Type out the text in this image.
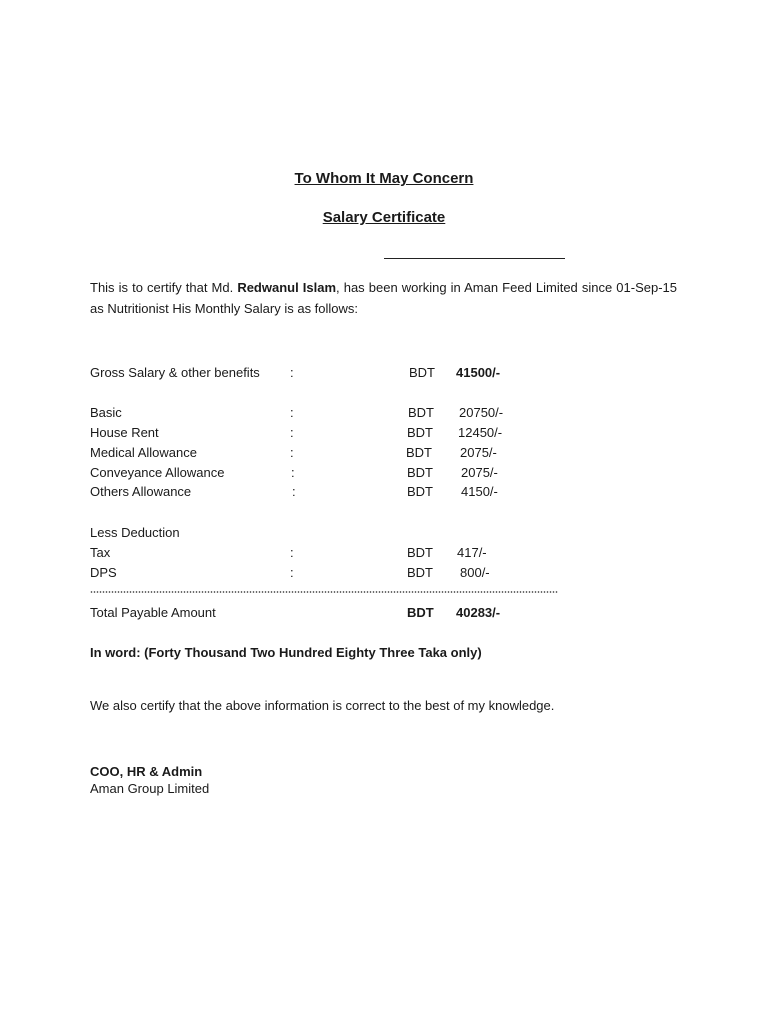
To Whom It May Concern
Salary Certificate
This is to certify that Md. Redwanul Islam, has been working in Aman Feed Limited since 01-Sep-15 as Nutritionist His Monthly Salary is as follows:
Gross Salary & other benefits :	BDT 41500/-
Basic	:	BDT 20750/-
House Rent	:	BDT 12450/-
Medical Allowance	:	BDT 2075/-
Conveyance Allowance	:	BDT 2075/-
Others Allowance	:	BDT 4150/-
Less Deduction
Tax	:	BDT 417/-
DPS	:	BDT 800/-
Total Payable Amount	BDT 40283/-
In word: (Forty Thousand Two Hundred Eighty Three Taka only)
We also certify that the above information is correct to the best of my knowledge.
COO, HR & Admin
Aman Group Limited
